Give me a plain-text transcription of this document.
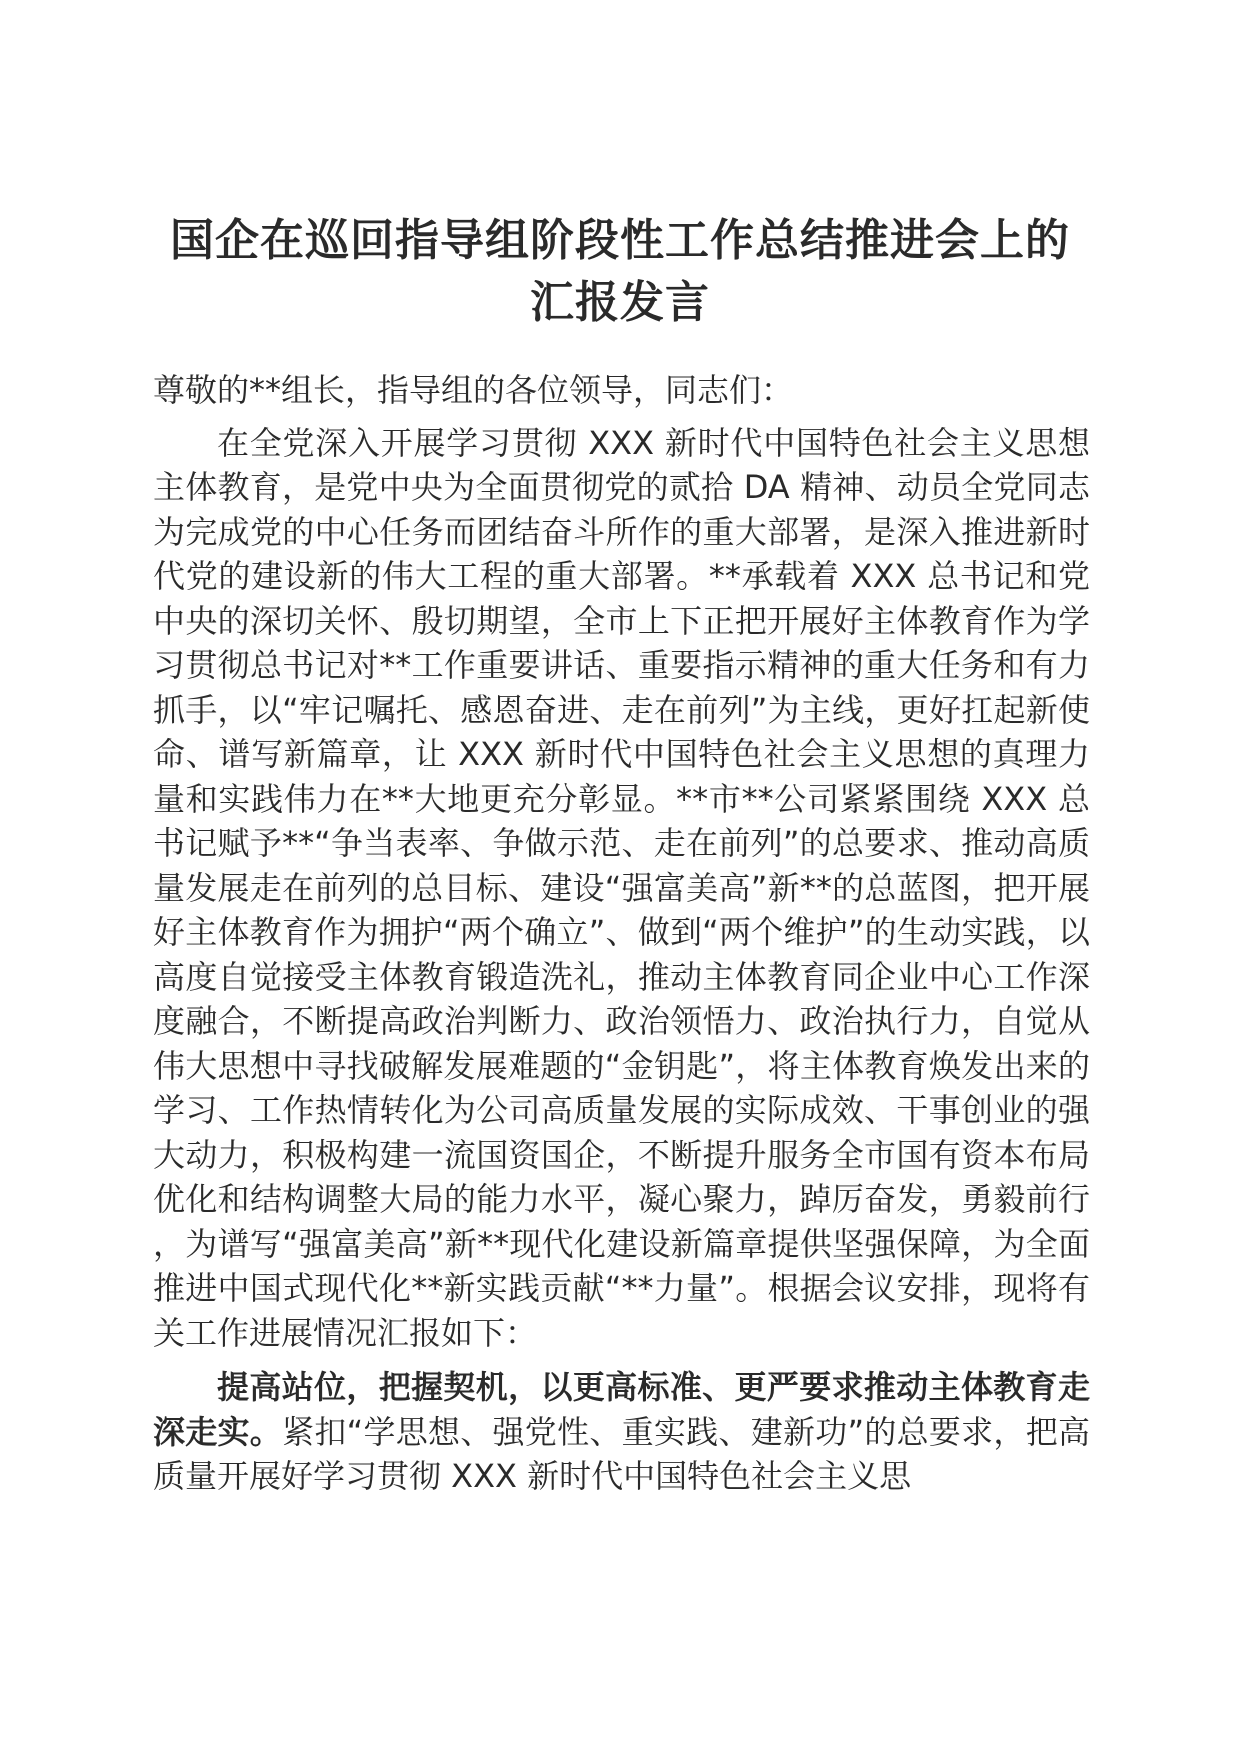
国企在巡回指导组阶段性工作总结推进会上的
汇报发言

尊敬的**组长，指导组的各位领导，同志们：

在全党深入开展学习贯彻 XXX 新时代中国特色社会主义思想主体教育，是党中央为全面贯彻党的贰拾 DA 精神、动员全党同志为完成党的中心任务而团结奋斗所作的重大部署，是深入推进新时代党的建设新的伟大工程的重大部署。**承载着 XXX 总书记和党中央的深切关怀、殷切期望，全市上下正把开展好主体教育作为学习贯彻总书记对**工作重要讲话、重要指示精神的重大任务和有力抓手，以“牢记嘱托、感恩奋进、走在前列”为主线，更好扛起新使命、谱写新篇章，让 XXX 新时代中国特色社会主义思想的真理力量和实践伟力在**大地更充分彰显。**市**公司紧紧围绕 XXX 总书记赋予**“争当表率、争做示范、走在前列”的总要求、推动高质量发展走在前列的总目标、建设“强富美高”新**的总蓝图，把开展好主体教育作为拥护“两个确立”、做到“两个维护”的生动实践，以高度自觉接受主体教育锻造洗礼，推动主体教育同企业中心工作深度融合，不断提高政治判断力、政治领悟力、政治执行力，自觉从伟大思想中寻找破解发展难题的“金钥匙”，将主体教育焕发出来的学习、工作热情转化为公司高质量发展的实际成效、干事创业的强大动力，积极构建一流国资国企，不断提升服务全市国有资本布局优化和结构调整大局的能力水平，凝心聚力，踔厉奋发，勇毅前行，为谱写“强富美高”新**现代化建设新篇章提供坚强保障，为全面推进中国式现代化**新实践贡献“**力量”。根据会议安排，现将有关工作进展情况汇报如下：

提高站位，把握契机，以更高标准、更严要求推动主体教育走深走实。紧扣“学思想、强党性、重实践、建新功”的总要求，把高质量开展好学习贯彻 XXX 新时代中国特色社会主义思
